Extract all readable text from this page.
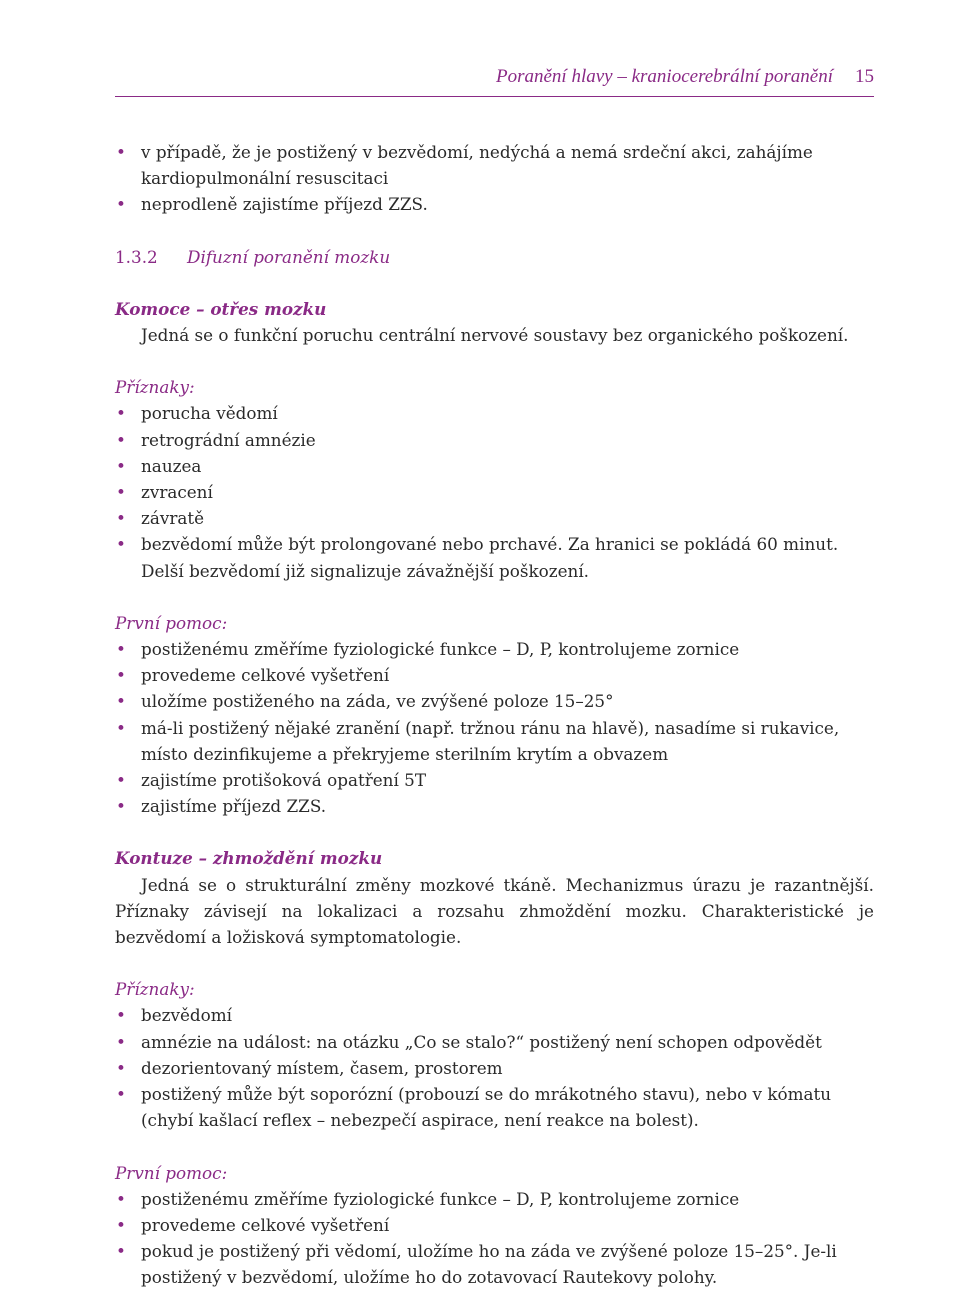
Poranění hlavy – kraniocerebrální poranění 15
• v případě, že je postižený v bezvědomí, nedýchá a nemá srdeční akci, zahájíme kardiopulmonální resuscitaci
• neprodleně zajistíme příjezd ZZS.
1.3.2 Difuzní poranění mozku
Komoce – otřes mozku
Jedná se o funkční poruchu centrální nervové soustavy bez organického poškození.
Příznaky:
• porucha vědomí
• retrográdní amnézie
• nauzea
• zvracení
• závratě
• bezvědomí může být prolongované nebo prchavé. Za hranici se pokládá 60 minut. Delší bezvědomí již signalizuje závažnější poškození.
První pomoc:
• postiženému změříme fyziologické funkce – D, P, kontrolujeme zornice
• provedeme celkové vyšetření
• uložíme postiženého na záda, ve zvýšené poloze 15–25°
• má-li postižený nějaké zranění (např. tržnou ránu na hlavě), nasadíme si rukavice, místo dezinfikujeme a překryjeme sterilním krytím a obvazem
• zajistíme protišoková opatření 5T
• zajistíme příjezd ZZS.
Kontuze – zhmoždění mozku
Jedná se o strukturální změny mozkové tkáně. Mechanizmus úrazu je razantnější. Příznaky závisejí na lokalizaci a rozsahu zhmoždění mozku. Charakteristické je bezvědomí a ložisková symptomatologie.
Příznaky:
• bezvědomí
• amnézie na událost: na otázku „Co se stalo?“ postižený není schopen odpovědět
• dezorientovaný místem, časem, prostorem
• postižený může být soporózní (probouzí se do mrákotného stavu), nebo v kómatu (chybí kašlací reflex – nebezpečí aspirace, není reakce na bolest).
První pomoc:
• postiženému změříme fyziologické funkce – D, P, kontrolujeme zornice
• provedeme celkové vyšetření
• pokud je postižený při vědomí, uložíme ho na záda ve zvýšené poloze 15–25°. Je-li postižený v bezvědomí, uložíme ho do zotavovací Rautekovy polohy.
